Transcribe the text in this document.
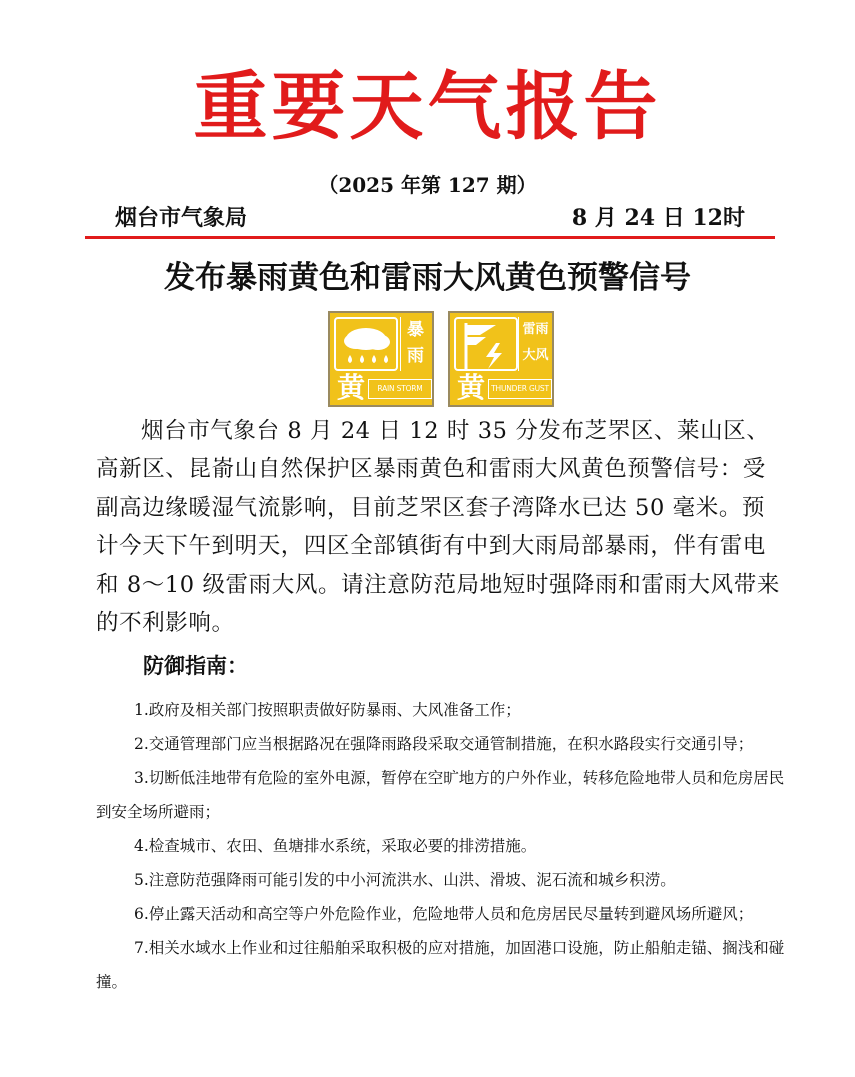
重要天气报告
（2025 年第 127 期）
烟台市气象局	8 月 24 日 12时
发布暴雨黄色和雷雨大风黄色预警信号
暴
雨
黄	RAIN STORM
雷雨
大风
黄 THUNDER GUST

烟台市气象台 8 月 24 日 12 时 35 分发布芝罘区、莱山区、高新区、昆嵛山自然保护区暴雨黄色和雷雨大风黄色预警信号：受副高边缘暖湿气流影响，目前芝罘区套子湾降水已达 50 毫米。预计今天下午到明天，四区全部镇街有中到大雨局部暴雨，伴有雷电和 8～10 级雷雨大风。请注意防范局地短时强降雨和雷雨大风带来的不利影响。

防御指南：
1.政府及相关部门按照职责做好防暴雨、大风准备工作；
2.交通管理部门应当根据路况在强降雨路段采取交通管制措施，在积水路段实行交通引导；
3.切断低洼地带有危险的室外电源，暂停在空旷地方的户外作业，转移危险地带人员和危房居民到安全场所避雨；
4.检查城市、农田、鱼塘排水系统，采取必要的排涝措施。
5.注意防范强降雨可能引发的中小河流洪水、山洪、滑坡、泥石流和城乡积涝。
6.停止露天活动和高空等户外危险作业，危险地带人员和危房居民尽量转到避风场所避风；
7.相关水域水上作业和过往船舶采取积极的应对措施，加固港口设施，防止船舶走锚、搁浅和碰撞。
